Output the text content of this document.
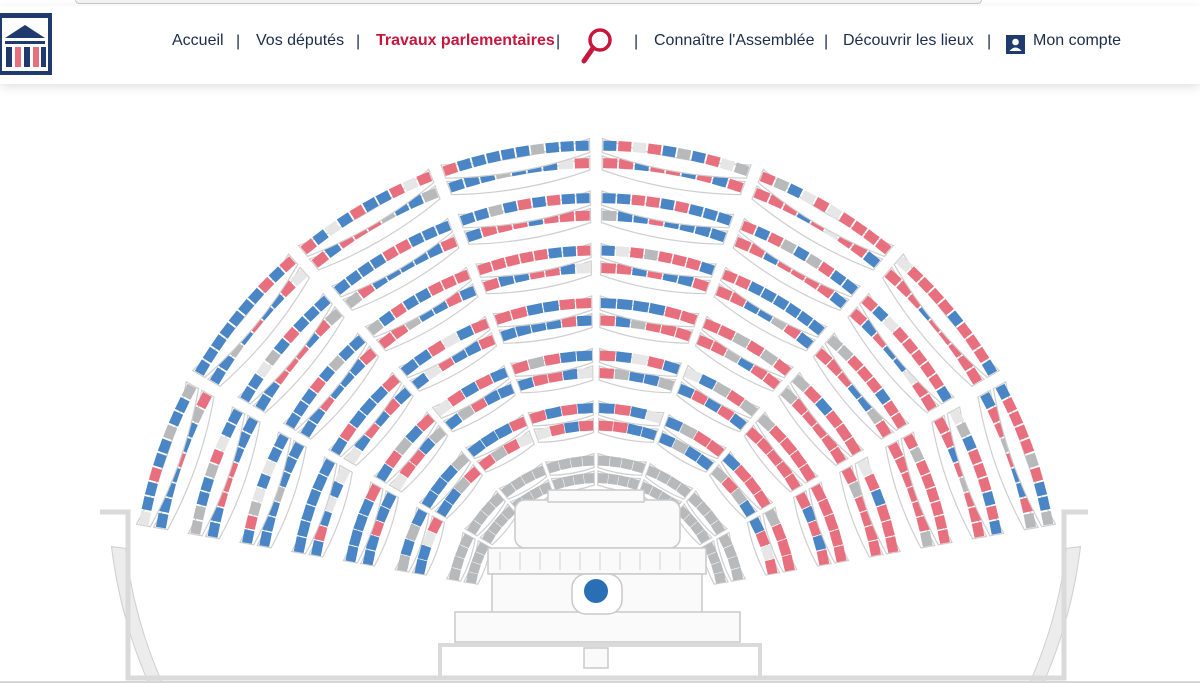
Accueil | Vos députés | Travaux parlementaires |	| Connaître l'Assemblée | Découvrir les lieux |	Mon compte
